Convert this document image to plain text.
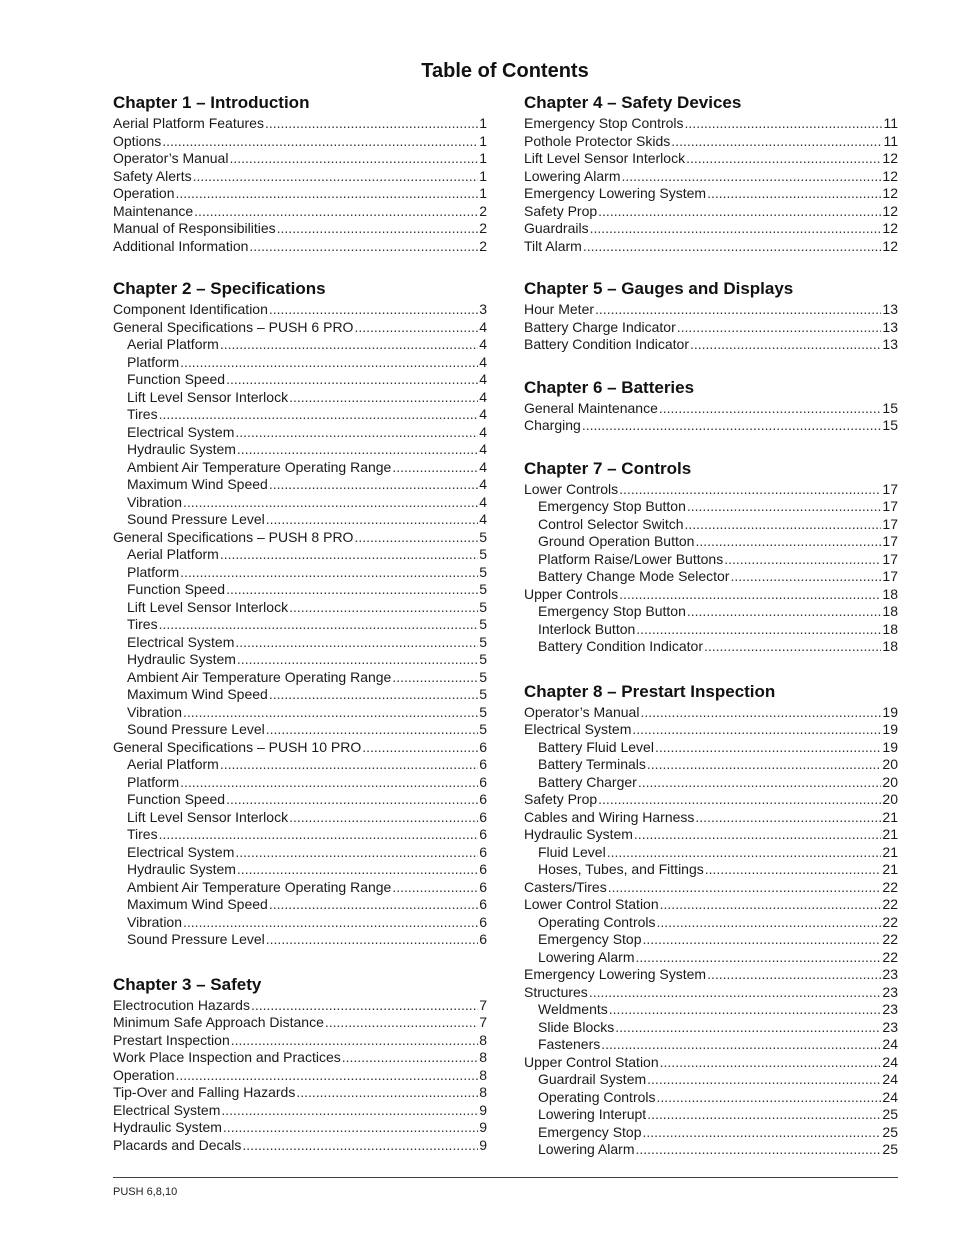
Table of Contents
Chapter 1 – Introduction
Aerial Platform Features .....	1
Options .....	1
Operator’s Manual .....	1
Safety Alerts .....	1
Operation .....	1
Maintenance .....	2
Manual of Responsibilities .....	2
Additional Information .....	2
Chapter 2 – Specifications
Component Identification .....	3
General Specifications – PUSH 6 PRO .....	4
Aerial Platform .....	4
Platform .....	4
Function Speed .....	4
Lift Level Sensor Interlock .....	4
Tires .....	4
Electrical System .....	4
Hydraulic System .....	4
Ambient Air Temperature Operating Range .....	4
Maximum Wind Speed .....	4
Vibration .....	4
Sound Pressure Level .....	4
General Specifications – PUSH 8 PRO .....	5
Aerial Platform .....	5
Platform .....	5
Function Speed .....	5
Lift Level Sensor Interlock .....	5
Tires .....	5
Electrical System .....	5
Hydraulic System .....	5
Ambient Air Temperature Operating Range .....	5
Maximum Wind Speed .....	5
Vibration .....	5
Sound Pressure Level .....	5
General Specifications – PUSH 10 PRO .....	6
Aerial Platform .....	6
Platform .....	6
Function Speed .....	6
Lift Level Sensor Interlock .....	6
Tires .....	6
Electrical System .....	6
Hydraulic System .....	6
Ambient Air Temperature Operating Range .....	6
Maximum Wind Speed .....	6
Vibration .....	6
Sound Pressure Level .....	6
Chapter 3 – Safety
Electrocution Hazards .....	7
Minimum Safe Approach Distance .....	7
Prestart Inspection .....	8
Work Place Inspection and Practices .....	8
Operation .....	8
Tip-Over and Falling Hazards .....	8
Electrical System .....	9
Hydraulic System .....	9
Placards and Decals .....	9
Chapter 4 – Safety Devices
Emergency Stop Controls .....	11
Pothole Protector Skids .....	11
Lift Level Sensor Interlock .....	12
Lowering Alarm .....	12
Emergency Lowering System .....	12
Safety Prop .....	12
Guardrails .....	12
Tilt Alarm .....	12
Chapter 5 – Gauges and Displays
Hour Meter .....	13
Battery Charge Indicator .....	13
Battery Condition Indicator .....	13
Chapter 6 – Batteries
General Maintenance .....	15
Charging .....	15
Chapter 7 – Controls
Lower Controls .....	17
Emergency Stop Button .....	17
Control Selector Switch .....	17
Ground Operation Button .....	17
Platform Raise/Lower Buttons .....	17
Battery Change Mode Selector .....	17
Upper Controls .....	18
Emergency Stop Button .....	18
Interlock Button .....	18
Battery Condition Indicator .....	18
Chapter 8 – Prestart Inspection
Operator’s Manual .....	19
Electrical System .....	19
Battery Fluid Level .....	19
Battery Terminals .....	20
Battery Charger .....	20
Safety Prop .....	20
Cables and Wiring Harness .....	21
Hydraulic System .....	21
Fluid Level .....	21
Hoses, Tubes, and Fittings .....	21
Casters/Tires .....	22
Lower Control Station .....	22
Operating Controls .....	22
Emergency Stop .....	22
Lowering Alarm .....	22
Emergency Lowering System .....	23
Structures .....	23
Weldments .....	23
Slide Blocks .....	23
Fasteners .....	24
Upper Control Station .....	24
Guardrail System .....	24
Operating Controls .....	24
Lowering Interupt .....	25
Emergency Stop .....	25
Lowering Alarm .....	25
PUSH 6,8,10
